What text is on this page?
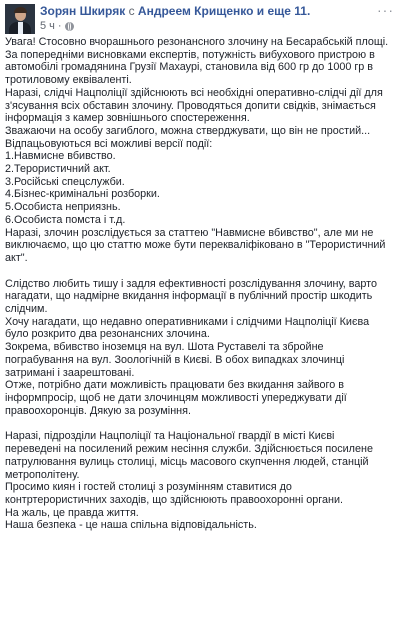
Зорян Шкиряк с Андреем Крищенко и еще 11.
5 ч ·
···

Увага! Стосовно вчорашнього резонансного злочину на Бесарабській площі.

За попередніми висновками експертів, потужність вибухового пристрою в автомобілі громадянина Грузії Махаурі, становила від 600 гр до 1000 гр в тротиловому еквіваленті.

Наразі, слідчі Нацполіції здійснюють всі необхідні оперативно-слідчі дії для з'ясування всіх обставин злочину. Проводяться допити свідків, знімається інформація з камер зовнішнього спостереження.

Зважаючи на особу загиблого, можна стверджувати, що він не простий...

Відпацьовуються всі можливі версії події:

1.Навмисне вбивство.

2.Терористичний акт.

3.Російські спецслужби.

4.Бізнес-кримінальні розборки.

5.Особиста неприязнь.

6.Особиста помста і т.д.

Наразі, злочин розслідується за статтею "Навмисне вбивство", але ми не виключаємо, що цю статтю може бути перекваліфіковано в "Терористичний акт".

Слідство любить тишу і задля ефективності розслідування злочину, варто нагадати, що надмірне вкидання інформації в публічний простір шкодить слідчим.

Хочу нагадати, що недавно оперативниками і слідчими Нацполіції Києва було розкрито два резонансних злочина.

Зокрема, вбивство іноземця на вул. Шота Руставелі та збройне пограбування на вул. Зоологічній в Києві. В обох випадках злочинці затримані і заарештовані.

Отже, потрібно дати можливість працювати без вкидання зайвого в інформпросір, щоб не дати злочинцям можливості упереджувати дії правоохоронців. Дякую за розуміння.

Наразі, підрозділи Нацполіції та Національної гвардії в місті Києві переведені на посилений режим несіння служби. Здійснюється посилене патрулювання вулиць столиці, місць масового скупчення людей, станцій метрополітену.

Просимо киян і гостей столиці з розумінням ставитися до контртерористичних заходів, що здійснюють правоохоронні органи.

На жаль, це правда життя.

Наша безпека - це наша спільна відповідальність.
